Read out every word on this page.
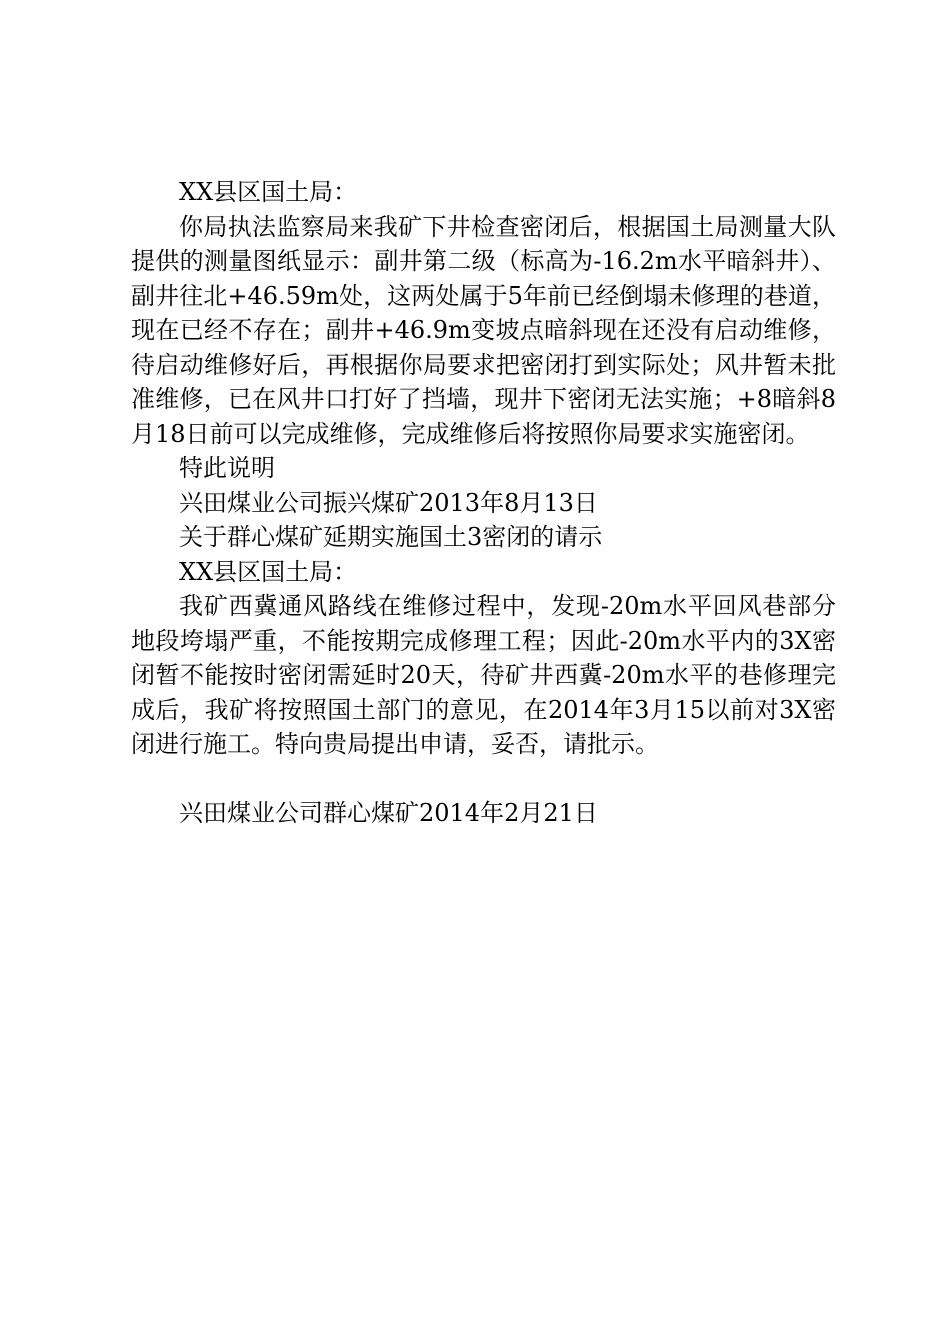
XX县区国土局：

你局执法监察局来我矿下井检查密闭后，根据国土局测量大队提供的测量图纸显示：副井第二级（标高为-16.2m水平暗斜井）、副井往北+46.59m处，这两处属于5年前已经倒塌未修理的巷道，现在已经不存在；副井+46.9m变坡点暗斜现在还没有启动维修，待启动维修好后，再根据你局要求把密闭打到实际处；风井暂未批准维修，已在风井口打好了挡墙，现井下密闭无法实施；+8暗斜8月18日前可以完成维修，完成维修后将按照你局要求实施密闭。

特此说明

兴田煤业公司振兴煤矿2013年8月13日

关于群心煤矿延期实施国土3密闭的请示

XX县区国土局：

我矿西冀通风路线在维修过程中，发现-20m水平回风巷部分地段垮塌严重，不能按期完成修理工程；因此-20m水平内的3X密闭暂不能按时密闭需延时20天，待矿井西冀-20m水平的巷修理完成后，我矿将按照国土部门的意见，在2014年3月15以前对3X密闭进行施工。特向贵局提出申请，妥否，请批示。

兴田煤业公司群心煤矿2014年2月21日
